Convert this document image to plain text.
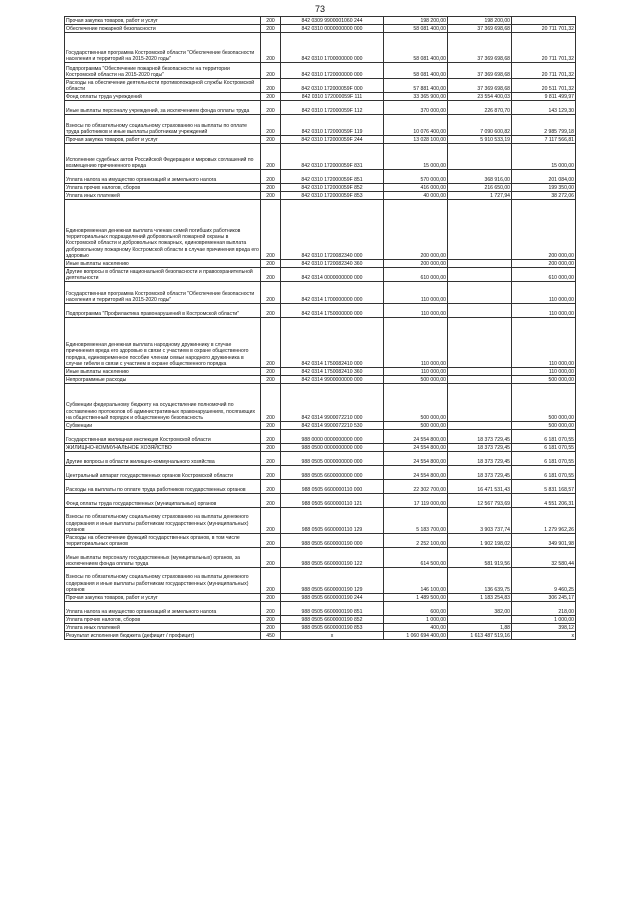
73
Прочая закупка товаров, работ и услуг	200	842 0309 9900001060 244	198 200,00	198 200,00	
Обеспечение пожарной безопасности	200	842 0310 0000000000 000	58 081 400,00	37 369 698,68	20 711 701,32
Государственная программа Костромской области "Обеспечение безопасности населения и территорий на 2015-2020 годы"	200	842 0310 1700000000 000	58 081 400,00	37 369 698,68	20 711 701,32
Подпрограмма "Обеспечение пожарной безопасности на территории Костромской области на 2015-2020 годы"	200	842 0310 1720000000 000	58 081 400,00	37 369 698,68	20 711 701,32
Расходы на обеспечение деятельности противопожарной службы Костромской области	200	842 0310 172000059F 000	57 881 400,00	37 369 698,68	20 511 701,32
Фонд оплаты труда учреждений	200	842 0310 172000059F 111	33 365 900,00	23 554 400,03	9 811 499,97
Иные выплаты персоналу учреждений, за исключением фонда оплаты труда	200	842 0310 172000059F 112	370 000,00	226 870,70	143 129,30
Взносы по обязательному социальному страхованию на выплаты по оплате труда работников и иные выплаты работникам учреждений	200	842 0310 172000059F 119	10 076 400,00	7 090 600,82	2 985 799,18
Прочая закупка товаров, работ и услуг	200	842 0310 172000059F 244	13 028 100,00	5 910 533,19	7 117 566,81
Исполнение судебных актов Российской Федерации и мировых соглашений по возмещению причиненного вреда	200	842 0310 172000059F 831	15 000,00		15 000,00
Уплата налога на имущество организаций и земельного налога	200	842 0310 172000059F 851	570 000,00	368 916,00	201 084,00
Уплата прочих налогов, сборов	200	842 0310 172000059F 852	416 000,00	216 650,00	199 350,00
Уплата иных платежей	200	842 0310 172000059F 853	40 000,00	1 727,94	38 272,06
Единовременная денежная выплата членам семей погибших работников территориальных подразделений добровольной пожарной охраны в Костромской области и добровольных пожарных, единовременная выплата добровольному пожарному Костромской области в случае причинения вреда его здоровью	200	842 0310 1720082340 000	200 000,00		200 000,00
Иные выплаты населению	200	842 0310 1720082340 360	200 000,00		200 000,00
Другие вопросы в области национальной безопасности и правоохранительной деятельности	200	842 0314 0000000000 000	610 000,00		610 000,00
Государственная программа Костромской области "Обеспечение безопасности населения и территорий на 2015-2020 годы"	200	842 0314 1700000000 000	110 000,00		110 000,00
Подпрограмма "Профилактика правонарушений в Костромской области"	200	842 0314 1750000000 000	110 000,00		110 000,00
Единовременная денежная выплата народному дружиннику в случае причинения вреда его здоровью в связи с участием в охране общественного порядка, единовременное пособие членам семьи народного дружинника в случае гибели в связи с участием в охране общественного порядка	200	842 0314 1750082410 000	110 000,00		110 000,00
Иные выплаты населению	200	842 0314 1750082410 360	110 000,00		110 000,00
Непрограммные расходы	200	842 0314 9900000000 000	500 000,00		500 000,00
Субвенции федеральному бюджету на осуществление полномочий по составлению протоколов об административных правонарушениях, посягающих на общественный порядок и общественную безопасность	200	842 0314 9900072210 000	500 000,00		500 000,00
Субвенции	200	842 0314 9900072210 530	500 000,00		500 000,00
Государственная жилищная инспекция Костромской области	200	988 0000 0000000000 000	24 554 800,00	18 373 729,45	6 181 070,55
ЖИЛИЩНО-КОММУНАЛЬНОЕ ХОЗЯЙСТВО	200	988 0500 0000000000 000	24 554 800,00	18 373 729,45	6 181 070,55
Другие вопросы в области жилищно-коммунального хозяйства	200	988 0505 0000000000 000	24 554 800,00	18 373 729,45	6 181 070,55
Центральный аппарат государственных органов Костромской области	200	988 0505 6600000000 000	24 554 800,00	18 373 729,45	6 181 070,55
Расходы на выплаты по оплате труда работников государственных органов	200	988 0505 6600000110 000	22 302 700,00	16 471 531,43	5 831 168,57
Фонд оплаты труда государственных (муниципальных) органов	200	988 0505 6600000110 121	17 119 000,00	12 567 793,69	4 551 206,31
Взносы по обязательному социальному страхованию на выплаты денежного содержания и иные выплаты работникам государственных (муниципальных) органов	200	988 0505 6600000110 129	5 183 700,00	3 903 737,74	1 279 962,26
Расходы на обеспечение функций государственных органов, в том числе территориальных органов	200	988 0505 6600000190 000	2 252 100,00	1 902 198,02	349 901,98
Иные выплаты персоналу государственных (муниципальных) органов, за исключением фонда оплаты труда	200	988 0505 6600000190 122	614 500,00	581 919,56	32 580,44
Взносы по обязательному социальному страхованию на выплаты денежного содержания и иные выплаты работникам государственных (муниципальных) органов	200	988 0505 6600000190 129	146 100,00	136 639,75	9 460,25
Прочая закупка товаров, работ и услуг	200	988 0505 6600000190 244	1 489 500,00	1 183 254,83	306 245,17
Уплата налога на имущество организаций и земельного налога	200	988 0505 6600000190 851	600,00	382,00	218,00
Уплата прочих налогов, сборов	200	988 0505 6600000190 852	1 000,00		1 000,00
Уплата иных платежей	200	988 0505 6600000190 853	400,00	1,88	398,12
Результат исполнения бюджета (дефицит / профицит)	450	x	1 060 694 400,00	1 613 487 519,16	x
